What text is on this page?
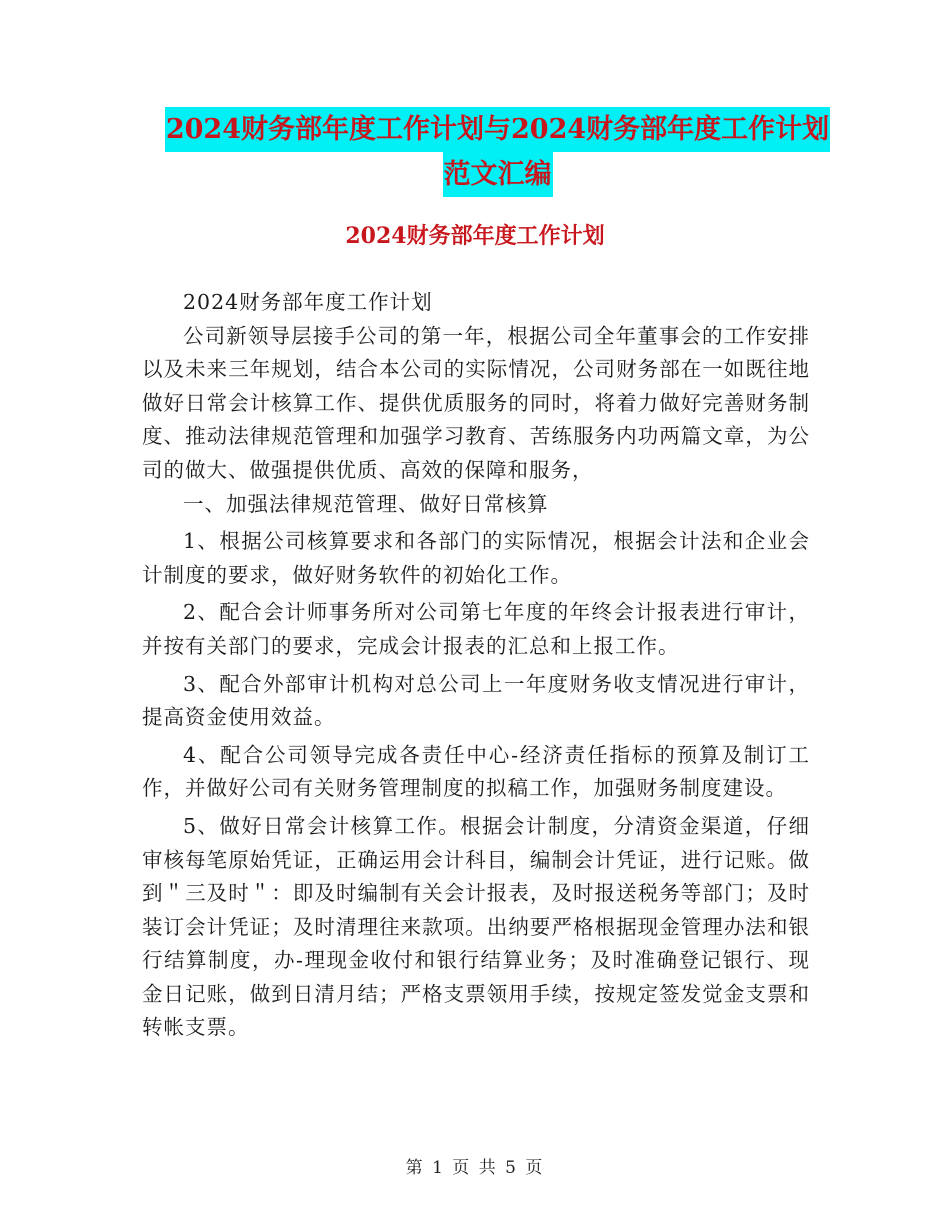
2024财务部年度工作计划与2024财务部年度工作计划
范文汇编
2024财务部年度工作计划

2024财务部年度工作计划

公司新领导层接手公司的第一年，根据公司全年董事会的工作安排以及未来三年规划，结合本公司的实际情况，公司财务部在一如既往地做好日常会计核算工作、提供优质服务的同时，将着力做好完善财务制度、推动法律规范管理和加强学习教育、苦练服务内功两篇文章，为公司的做大、做强提供优质、高效的保障和服务，

一、加强法律规范管理、做好日常核算

1、根据公司核算要求和各部门的实际情况，根据会计法和企业会计制度的要求，做好财务软件的初始化工作。

2、配合会计师事务所对公司第七年度的年终会计报表进行审计，并按有关部门的要求，完成会计报表的汇总和上报工作。

3、配合外部审计机构对总公司上一年度财务收支情况进行审计，提高资金使用效益。

4、配合公司领导完成各责任中心-经济责任指标的预算及制订工作，并做好公司有关财务管理制度的拟稿工作，加强财务制度建设。

5、做好日常会计核算工作。根据会计制度，分清资金渠道，仔细审核每笔原始凭证，正确运用会计科目，编制会计凭证，进行记账。做到＂三及时＂：即及时编制有关会计报表，及时报送税务等部门；及时装订会计凭证；及时清理往来款项。出纳要严格根据现金管理办法和银行结算制度，办-理现金收付和银行结算业务；及时准确登记银行、现金日记账，做到日清月结；严格支票领用手续，按规定签发觉金支票和转帐支票。

第 1 页 共 5 页
